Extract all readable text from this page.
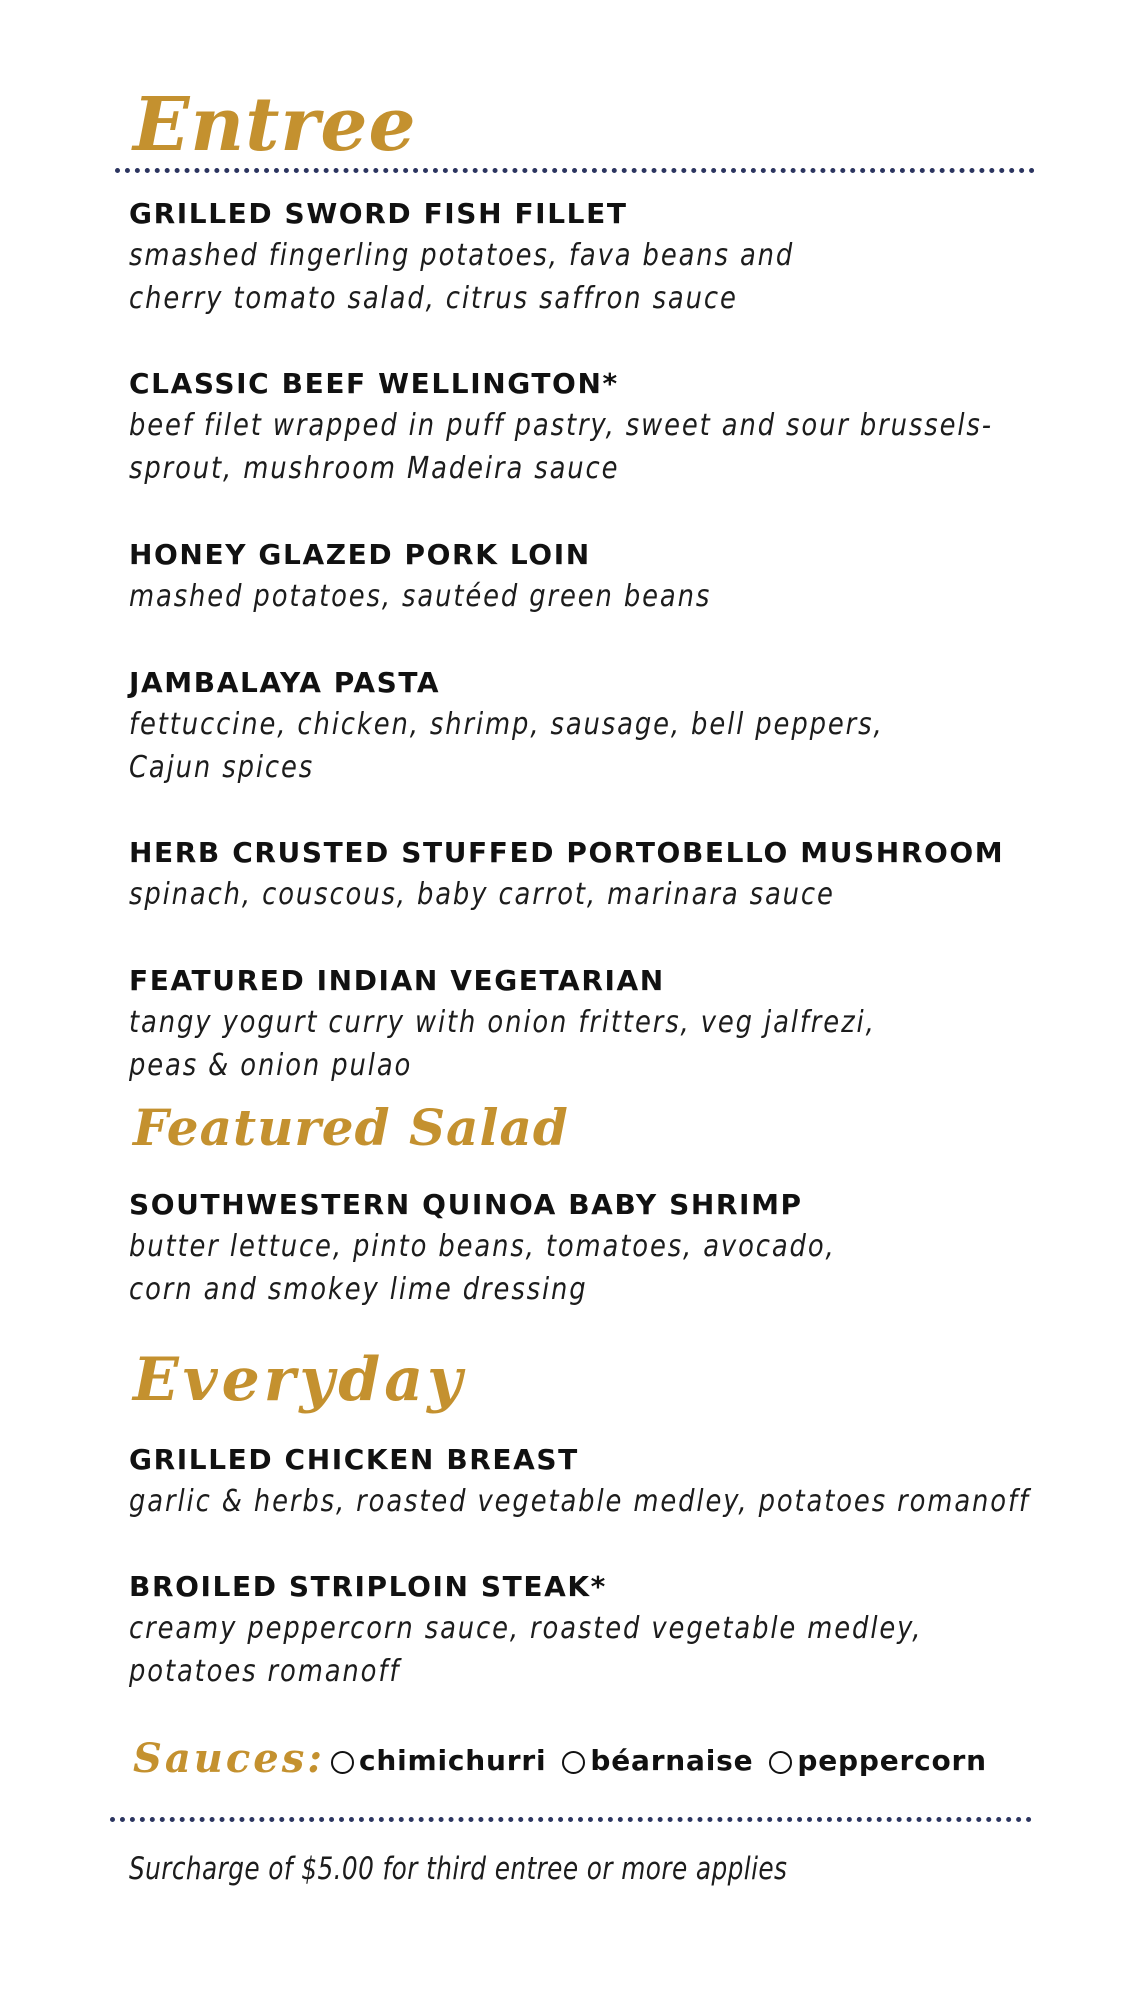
Entree
GRILLED SWORD FISH FILLET
smashed fingerling potatoes, fava beans and
cherry tomato salad, citrus saffron sauce
CLASSIC BEEF WELLINGTON*
beef filet wrapped in puff pastry, sweet and sour brussels-
sprout, mushroom Madeira sauce
HONEY GLAZED PORK LOIN
mashed potatoes, sautéed green beans
JAMBALAYA PASTA
fettuccine, chicken, shrimp, sausage, bell peppers,
Cajun spices
HERB CRUSTED STUFFED PORTOBELLO MUSHROOM
spinach, couscous, baby carrot, marinara sauce
FEATURED INDIAN VEGETARIAN
tangy yogurt curry with onion fritters, veg jalfrezi,
peas & onion pulao
Featured Salad
SOUTHWESTERN QUINOA BABY SHRIMP
butter lettuce, pinto beans, tomatoes, avocado,
corn and smokey lime dressing
Everyday
GRILLED CHICKEN BREAST
garlic & herbs, roasted vegetable medley, potatoes romanoff
BROILED STRIPLOIN STEAK*
creamy peppercorn sauce, roasted vegetable medley,
potatoes romanoff
Sauces: chimichurri béarnaise peppercorn
Surcharge of $5.00 for third entree or more applies
